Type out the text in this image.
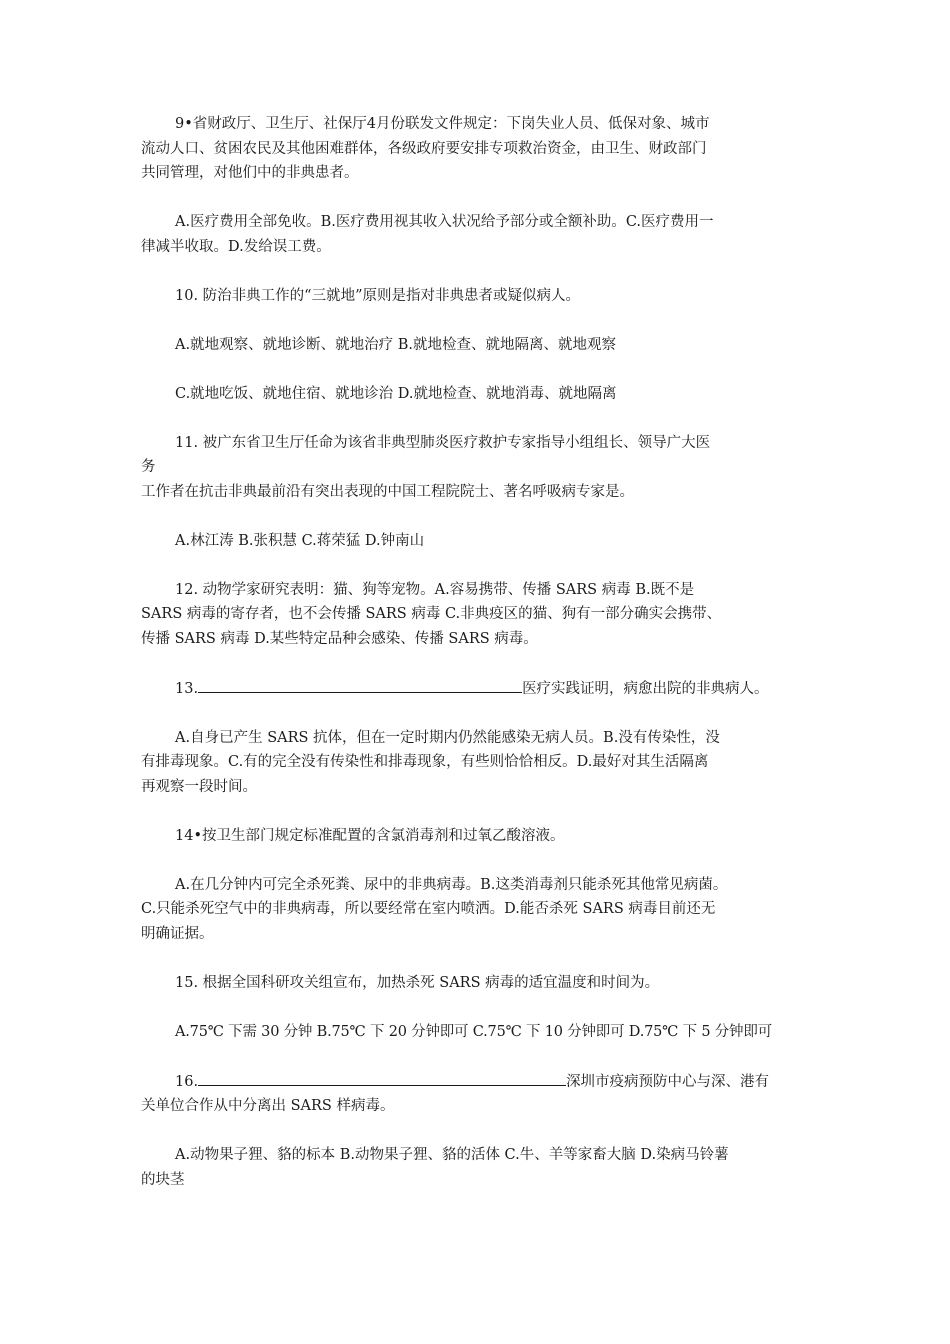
9•省财政厅、卫生厅、社保厅4月份联发文件规定：下岗失业人员、低保对象、城市
流动人口、贫困农民及其他困难群体，各级政府要安排专项救治资金，由卫生、财政部门
共同管理，对他们中的非典患者。
A.医疗费用全部免收。B.医疗费用视其收入状况给予部分或全额补助。C.医疗费用一
律减半收取。D.发给误工费。
10. 防治非典工作的“三就地”原则是指对非典患者或疑似病人。
A.就地观察、就地诊断、就地治疗 B.就地检查、就地隔离、就地观察
C.就地吃饭、就地住宿、就地诊治 D.就地检查、就地消毒、就地隔离
11. 被广东省卫生厅任命为该省非典型肺炎医疗救护专家指导小组组长、领导广大医
务
工作者在抗击非典最前沿有突出表现的中国工程院院士、著名呼吸病专家是。
A.林江涛 B.张积慧 C.蒋荣猛 D.钟南山
12. 动物学家研究表明：猫、狗等宠物。A.容易携带、传播 SARS 病毒 B.既不是
SARS 病毒的寄存者，也不会传播 SARS 病毒 C.非典疫区的猫、狗有一部分确实会携带、
传播 SARS 病毒 D.某些特定品种会感染、传播 SARS 病毒。
13.	医疗实践证明，病愈出院的非典病人。
A.自身已产生 SARS 抗体，但在一定时期内仍然能感染无病人员。B.没有传染性，没
有排毒现象。C.有的完全没有传染性和排毒现象，有些则恰恰相反。D.最好对其生活隔离
再观察一段时间。
14•按卫生部门规定标准配置的含氯消毒剂和过氧乙酸溶液。
A.在几分钟内可完全杀死粪、尿中的非典病毒。B.这类消毒剂只能杀死其他常见病菌。
C.只能杀死空气中的非典病毒，所以要经常在室内喷洒。D.能否杀死 SARS 病毒目前还无
明确证据。
15. 根据全国科研攻关组宣布，加热杀死 SARS 病毒的适宜温度和时间为。
A.75℃ 下需 30 分钟 B.75℃ 下 20 分钟即可 C.75℃ 下 10 分钟即可 D.75℃ 下 5 分钟即可
16.	深圳市疫病预防中心与深、港有
关单位合作从中分离出 SARS 样病毒。
A.动物果子狸、貉的标本 B.动物果子狸、貉的活体 C.牛、羊等家畜大脑 D.染病马铃薯
的块茎
